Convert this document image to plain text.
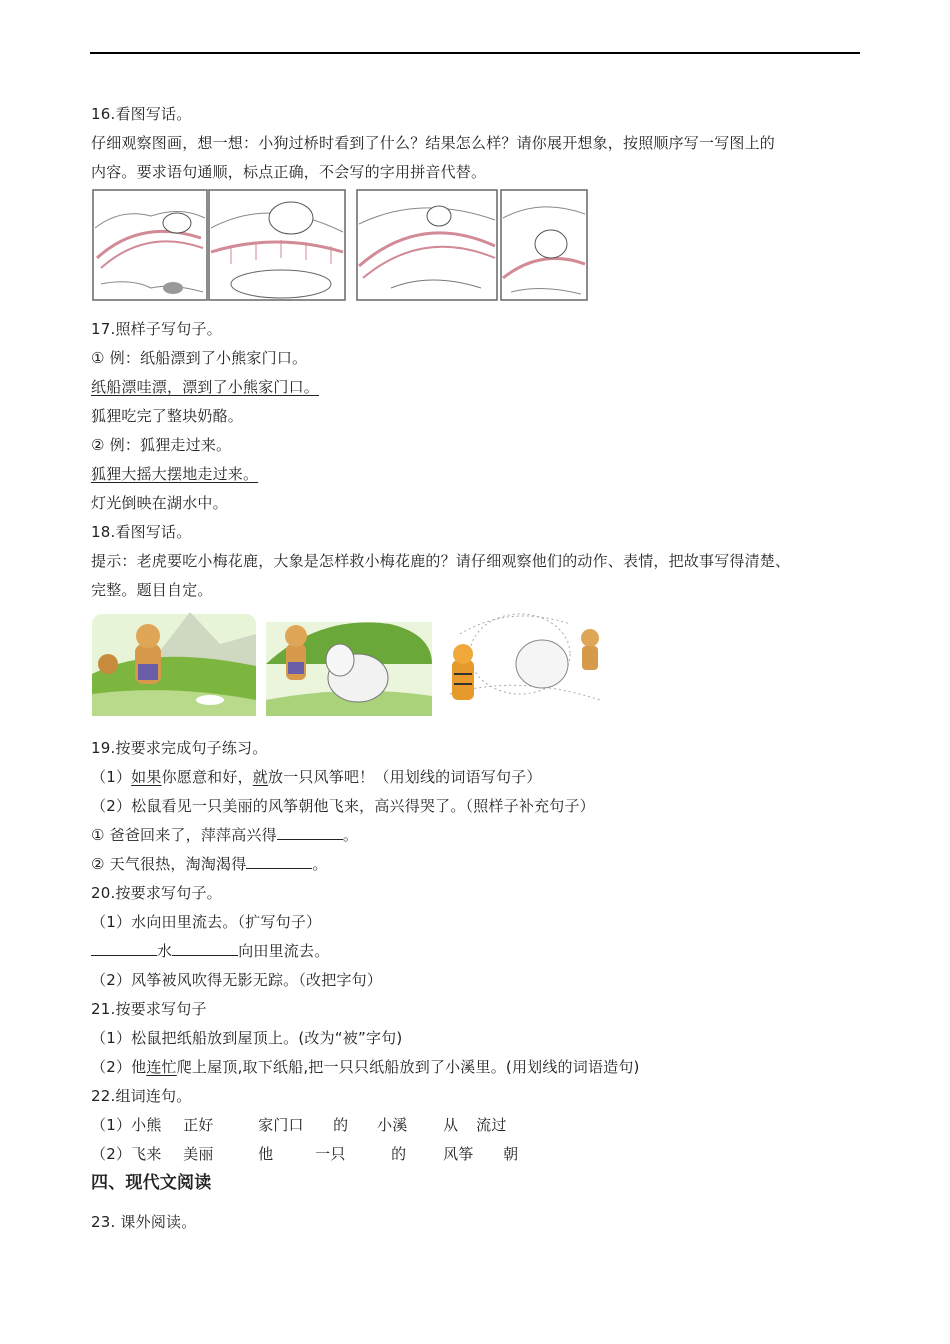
16.看图写话。
仔细观察图画，想一想：小狗过桥时看到了什么？结果怎么样？请你展开想象，按照顺序写一写图上的
内容。要求语句通顺，标点正确，不会写的字用拼音代替。
17.照样子写句子。
① 例：纸船漂到了小熊家门口。
纸船漂哇漂，漂到了小熊家门口。
狐狸吃完了整块奶酪。
② 例：狐狸走过来。
狐狸大摇大摆地走过来。
灯光倒映在湖水中。
18.看图写话。
提示：老虎要吃小梅花鹿，大象是怎样救小梅花鹿的？请仔细观察他们的动作、表情，把故事写得清楚、
完整。题目自定。
19.按要求完成句子练习。
（1）如果你愿意和好，就放一只风筝吧！（用划线的词语写句子）
（2）松鼠看见一只美丽的风筝朝他飞来，高兴得哭了。（照样子补充句子）
① 爸爸回来了，萍萍高兴得	。
② 天气很热，淘淘渴得	。
20.按要求写句子。
（1）水向田里流去。（扩写句子）
水	向田里流去。
（2）风筝被风吹得无影无踪。（改把字句）
21.按要求写句子
（1）松鼠把纸船放到屋顶上。(改为“被”字句)
（2）他连忙爬上屋顶,取下纸船,把一只只纸船放到了小溪里。(用划线的词语造句)
22.组词连句。
（1）小熊 正好	家门口 的 小溪 从 流过
（2）飞来 美丽	他	一只	的 风筝 朝
四、现代文阅读
23. 课外阅读。
